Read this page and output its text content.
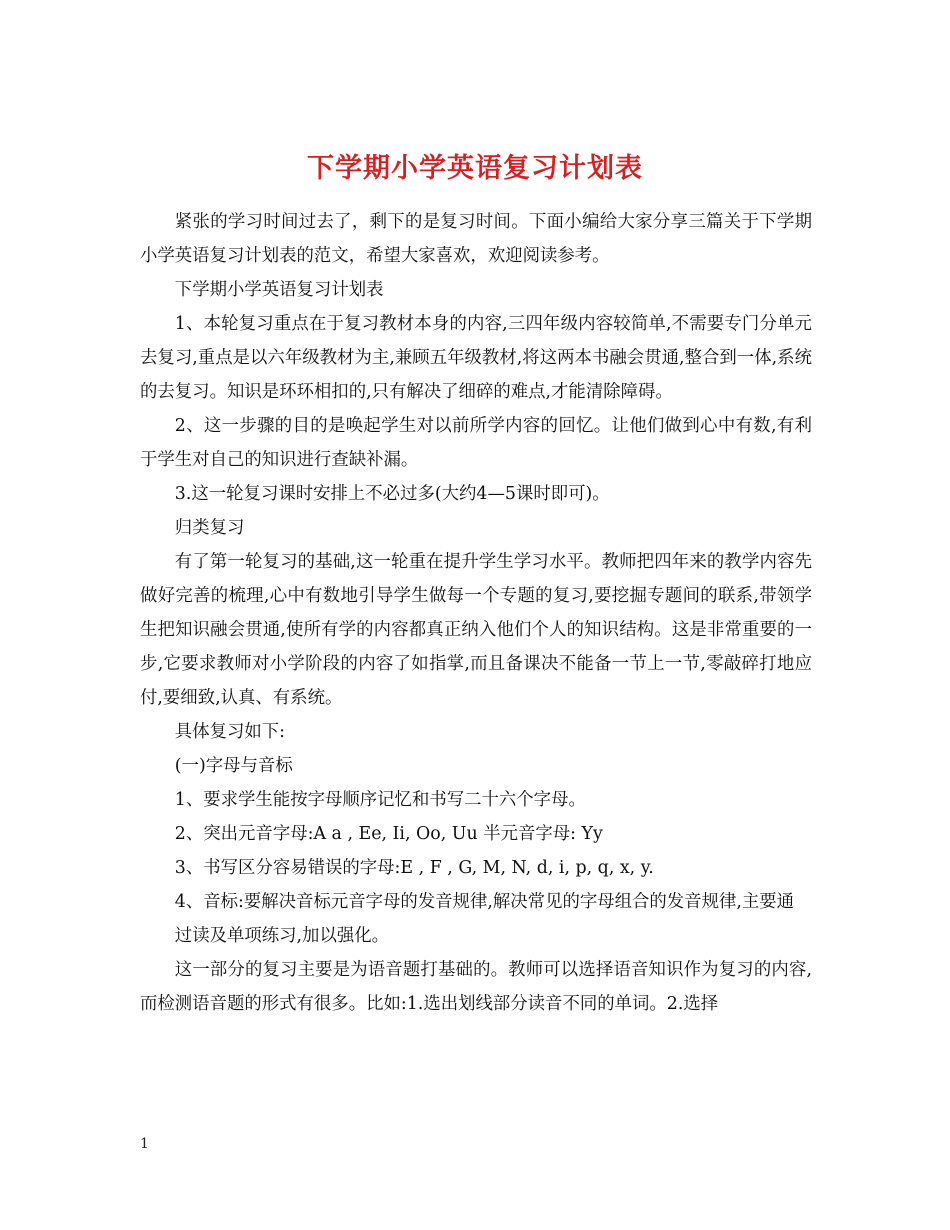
下学期小学英语复习计划表

紧张的学习时间过去了，剩下的是复习时间。下面小编给大家分享三篇关于下学期小学英语复习计划表的范文，希望大家喜欢，欢迎阅读参考。

下学期小学英语复习计划表

1、本轮复习重点在于复习教材本身的内容,三四年级内容较简单,不需要专门分单元去复习,重点是以六年级教材为主,兼顾五年级教材,将这两本书融会贯通,整合到一体,系统的去复习。知识是环环相扣的,只有解决了细碎的难点,才能清除障碍。

2、这一步骤的目的是唤起学生对以前所学内容的回忆。让他们做到心中有数,有利于学生对自己的知识进行查缺补漏。

3.这一轮复习课时安排上不必过多(大约4—5课时即可)。

归类复习

有了第一轮复习的基础,这一轮重在提升学生学习水平。教师把四年来的教学内容先做好完善的梳理,心中有数地引导学生做每一个专题的复习,要挖掘专题间的联系,带领学生把知识融会贯通,使所有学的内容都真正纳入他们个人的知识结构。这是非常重要的一步,它要求教师对小学阶段的内容了如指掌,而且备课决不能备一节上一节,零敲碎打地应付,要细致,认真、有系统。

具体复习如下:

(一)字母与音标

1、要求学生能按字母顺序记忆和书写二十六个字母。

2、突出元音字母:A a , Ee, Ii, Oo, Uu 半元音字母: Yy

3、书写区分容易错误的字母:E , F , G, M, N, d, i, p, q, x, y.

4、音标:要解决音标元音字母的发音规律,解决常见的字母组合的发音规律,主要通

过读及单项练习,加以强化。

这一部分的复习主要是为语音题打基础的。教师可以选择语音知识作为复习的内容,而检测语音题的形式有很多。比如:1.选出划线部分读音不同的单词。2.选择

1
